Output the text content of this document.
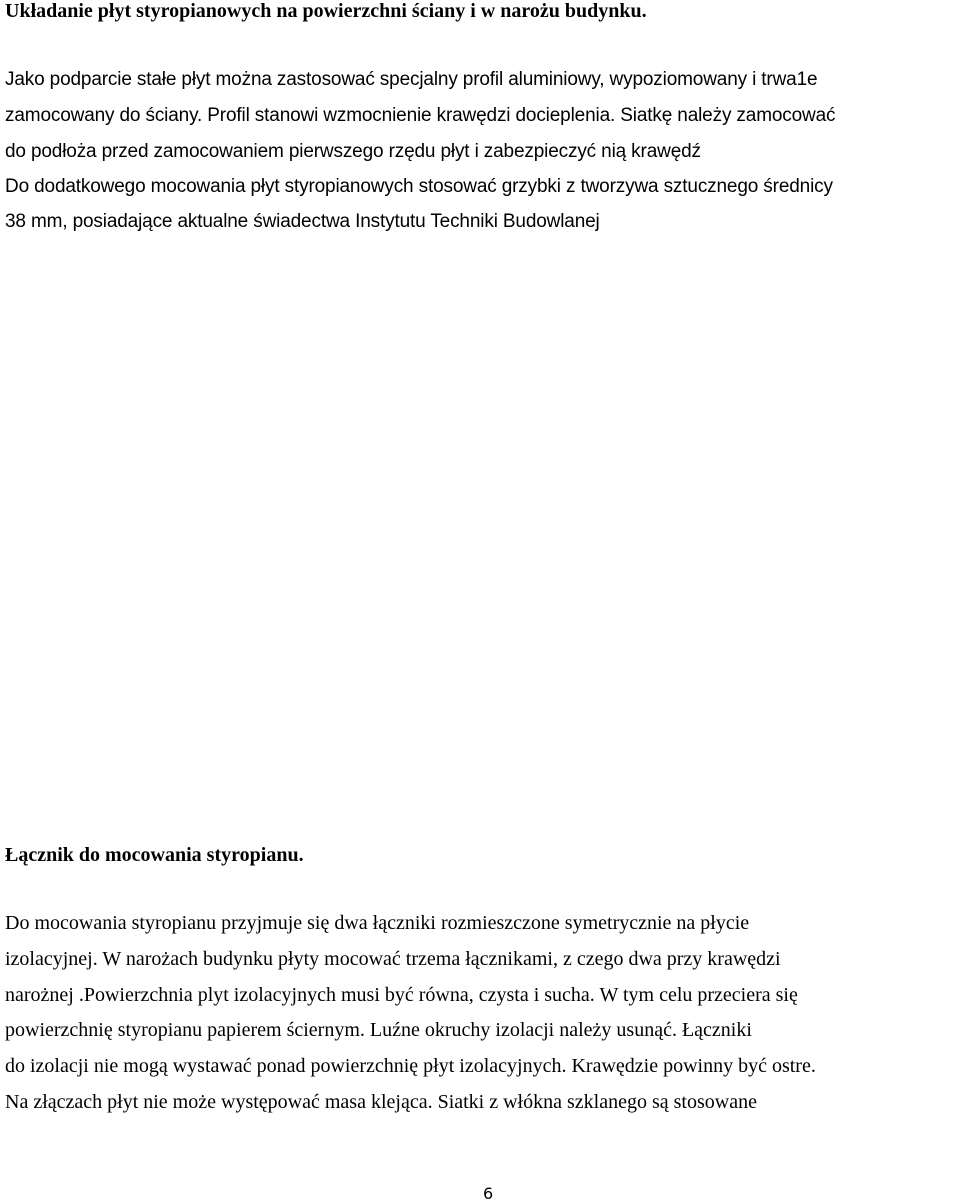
Układanie płyt styropianowych na powierzchni ściany i w narożu budynku.
Jako podparcie stałe płyt można zastosować specjalny profil aluminiowy, wypoziomowany i trwa1e
zamocowany do ściany. Profil stanowi wzmocnienie krawędzi docieplenia. Siatkę należy zamocować
do podłoża przed zamocowaniem pierwszego rzędu płyt i zabezpieczyć nią krawędź
Do dodatkowego mocowania płyt styropianowych stosować grzybki z tworzywa sztucznego średnicy
38 mm, posiadające aktualne świadectwa Instytutu Techniki Budowlanej
Łącznik do mocowania styropianu.
Do mocowania styropianu przyjmuje się dwa łączniki rozmieszczone symetrycznie na płycie
izolacyjnej. W narożach budynku płyty mocować trzema łącznikami, z czego dwa przy krawędzi
narożnej .Powierzchnia plyt izolacyjnych musi być równa, czysta i sucha. W tym celu przeciera się
powierzchnię styropianu papierem ściernym. Luźne okruchy izolacji należy usunąć. Łączniki
do izolacji nie mogą wystawać ponad powierzchnię płyt izolacyjnych. Krawędzie powinny być ostre.
Na złączach płyt nie może występować masa klejąca. Siatki z włókna szklanego są stosowane
6
